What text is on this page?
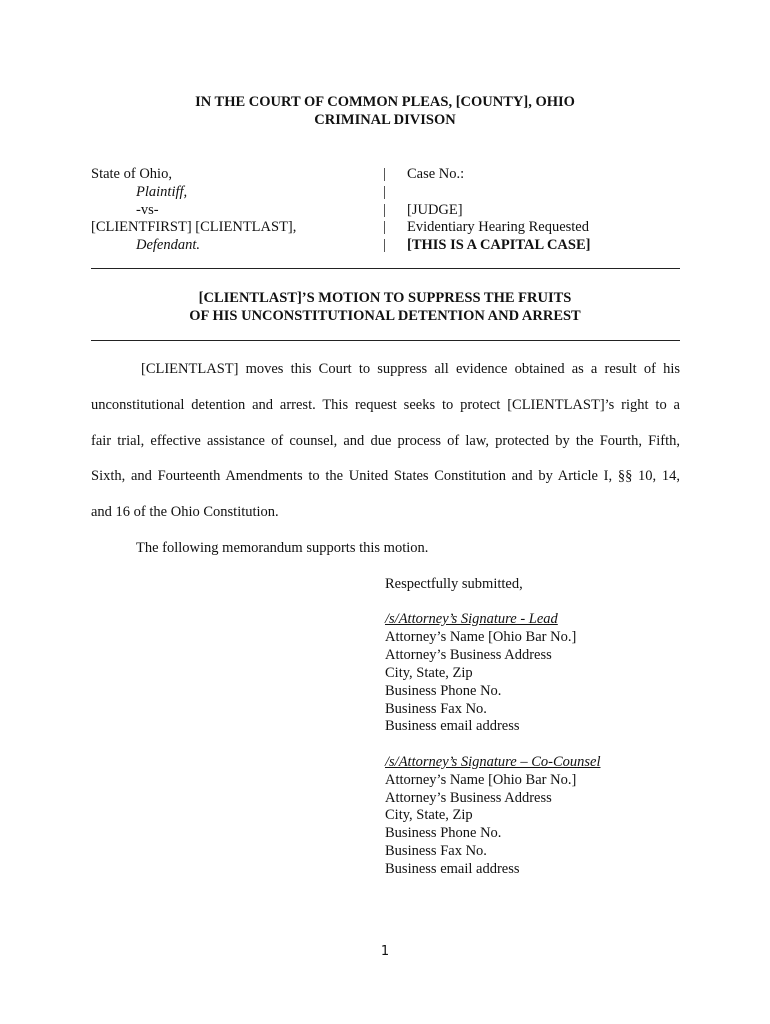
IN THE COURT OF COMMON PLEAS, [COUNTY], OHIO
CRIMINAL DIVISON
State of Ohio,
Plaintiff,
-vs-
[CLIENTFIRST] [CLIENTLAST],
Defendant.
|
|
|
|
|
Case No.:
[JUDGE]
Evidentiary Hearing Requested
[THIS IS A CAPITAL CASE]
[CLIENTLAST]’S MOTION TO SUPPRESS THE FRUITS
OF HIS UNCONSTITUTIONAL DETENTION AND ARREST
[CLIENTLAST] moves this Court to suppress all evidence obtained as a result of his
unconstitutional detention and arrest. This request seeks to protect [CLIENTLAST]’s right to a
fair trial, effective assistance of counsel, and due process of law, protected by the Fourth, Fifth,
Sixth, and Fourteenth Amendments to the United States Constitution and by Article I, §§ 10, 14,
and 16 of the Ohio Constitution.
The following memorandum supports this motion.
Respectfully submitted,
/s/Attorney’s Signature - Lead
Attorney’s Name [Ohio Bar No.]
Attorney’s Business Address
City, State, Zip
Business Phone No.
Business Fax No.
Business email address
/s/Attorney’s Signature – Co-Counsel
Attorney’s Name [Ohio Bar No.]
Attorney’s Business Address
City, State, Zip
Business Phone No.
Business Fax No.
Business email address
1
